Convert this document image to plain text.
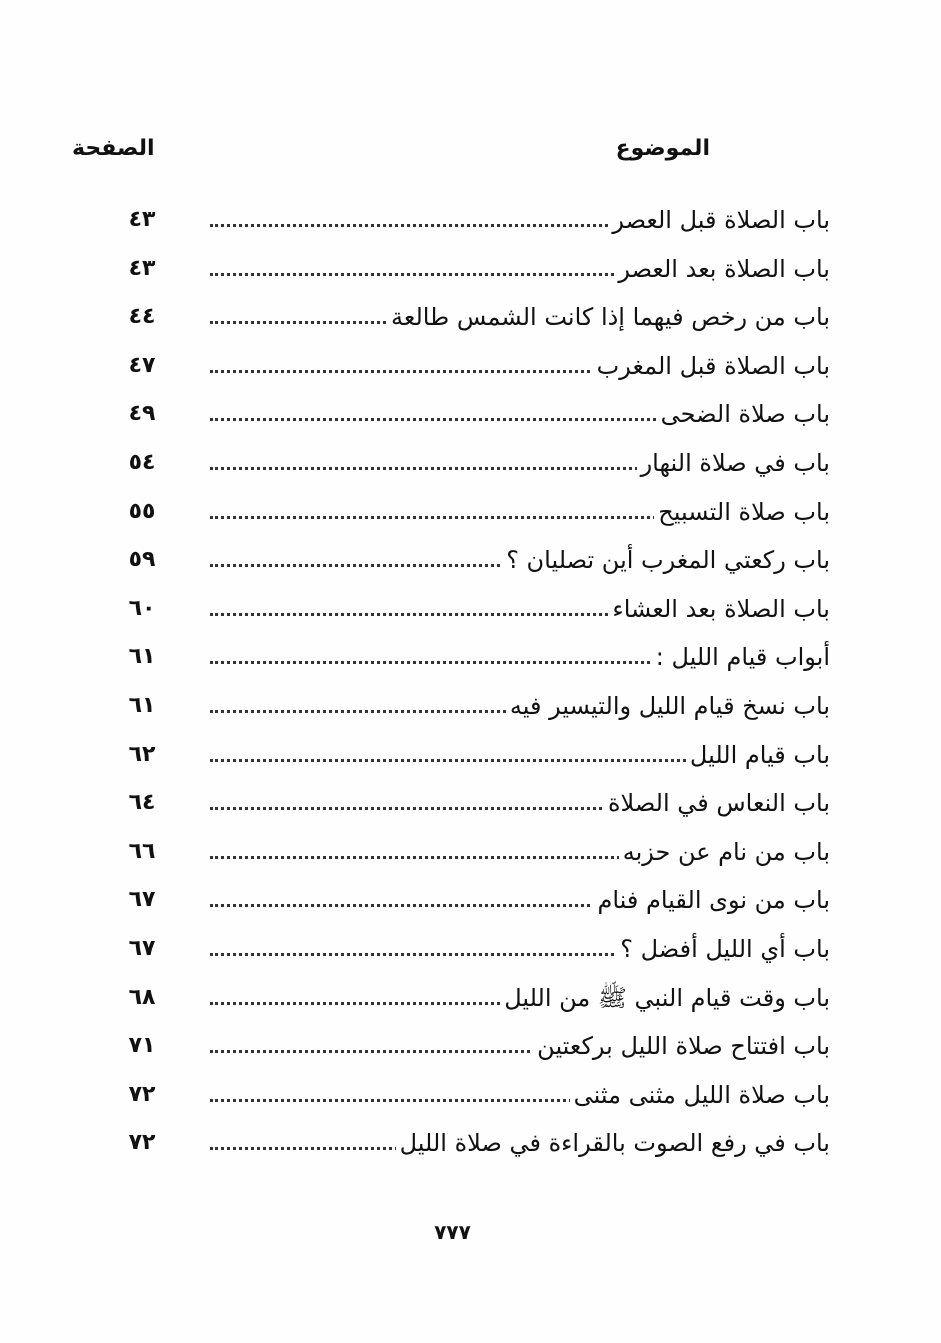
الموضوع
الصفحة
باب الصلاة قبل العصر
٤٣
باب الصلاة بعد العصر
٤٣
باب من رخص فيهما إذا كانت الشمس طالعة
٤٤
باب الصلاة قبل المغرب
٤٧
باب صلاة الضحى
٤٩
باب في صلاة النهار
٥٤
باب صلاة التسبيح
٥٥
باب ركعتي المغرب أين تصليان ؟
٥٩
باب الصلاة بعد العشاء
٦٠
أبواب قيام الليل :
٦١
باب نسخ قيام الليل والتيسير فيه
٦١
باب قيام الليل
٦٢
باب النعاس في الصلاة
٦٤
باب من نام عن حزبه
٦٦
باب من نوى القيام فنام
٦٧
باب أي الليل أفضل ؟
٦٧
باب وقت قيام النبي ﷺ من الليل
٦٨
باب افتتاح صلاة الليل بركعتين
٧١
باب صلاة الليل مثنى مثنى
٧٢
باب في رفع الصوت بالقراءة في صلاة الليل
٧٢
٧٧٧
